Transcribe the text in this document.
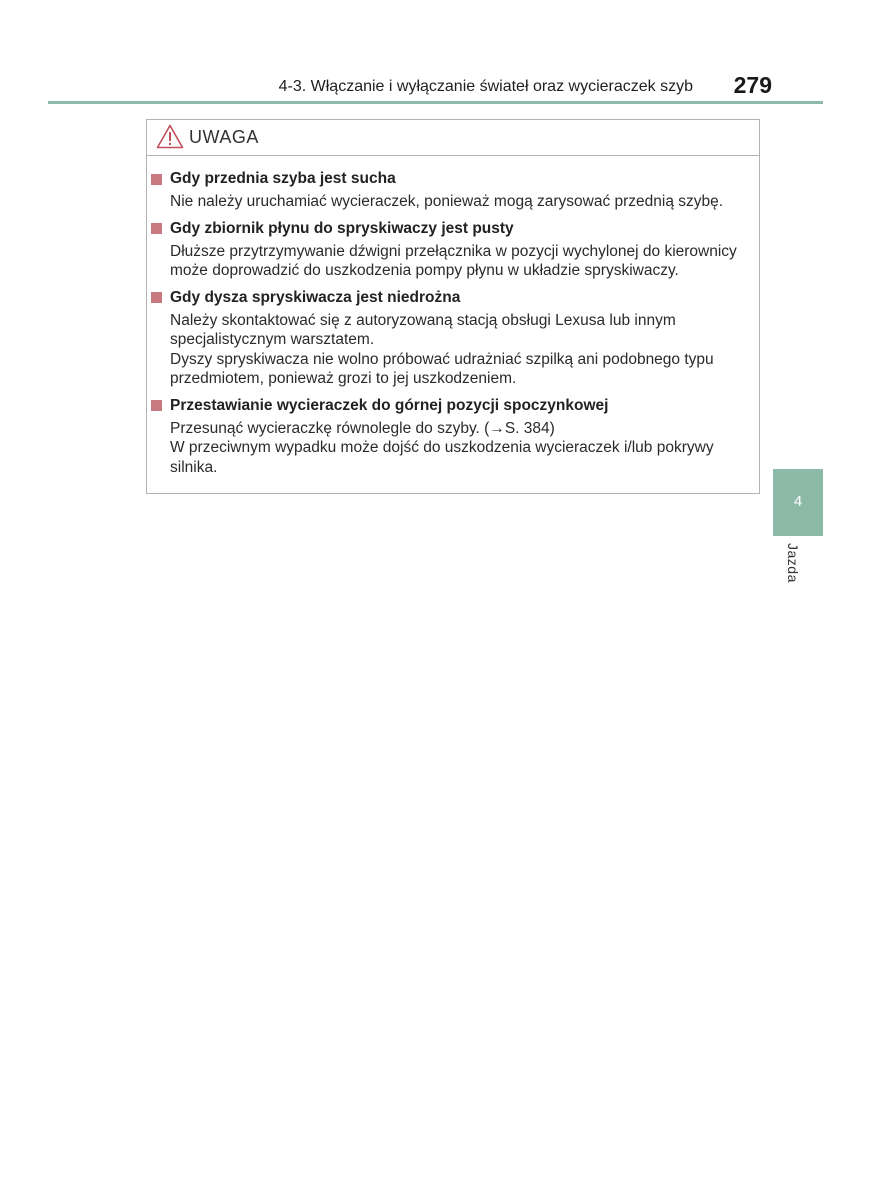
4-3. Włączanie i wyłączanie świateł oraz wycieraczek szyb 279
4
Jazda
UWAGA
Gdy przednia szyba jest sucha

Nie należy uruchamiać wycieraczek, ponieważ mogą zarysować przednią szybę.

Gdy zbiornik płynu do spryskiwaczy jest pusty

Dłuższe przytrzymywanie dźwigni przełącznika w pozycji wychylonej do kierownicy może doprowadzić do uszkodzenia pompy płynu w układzie spryskiwaczy.

Gdy dysza spryskiwacza jest niedrożna

Należy skontaktować się z autoryzowaną stacją obsługi Lexusa lub innym specjalistycznym warsztatem.

Dyszy spryskiwacza nie wolno próbować udrażniać szpilką ani podobnego typu przedmiotem, ponieważ grozi to jej uszkodzeniem.

Przestawianie wycieraczek do górnej pozycji spoczynkowej

Przesunąć wycieraczkę równolegle do szyby. (→S. 384)

W przeciwnym wypadku może dojść do uszkodzenia wycieraczek i/lub pokrywy silnika.
